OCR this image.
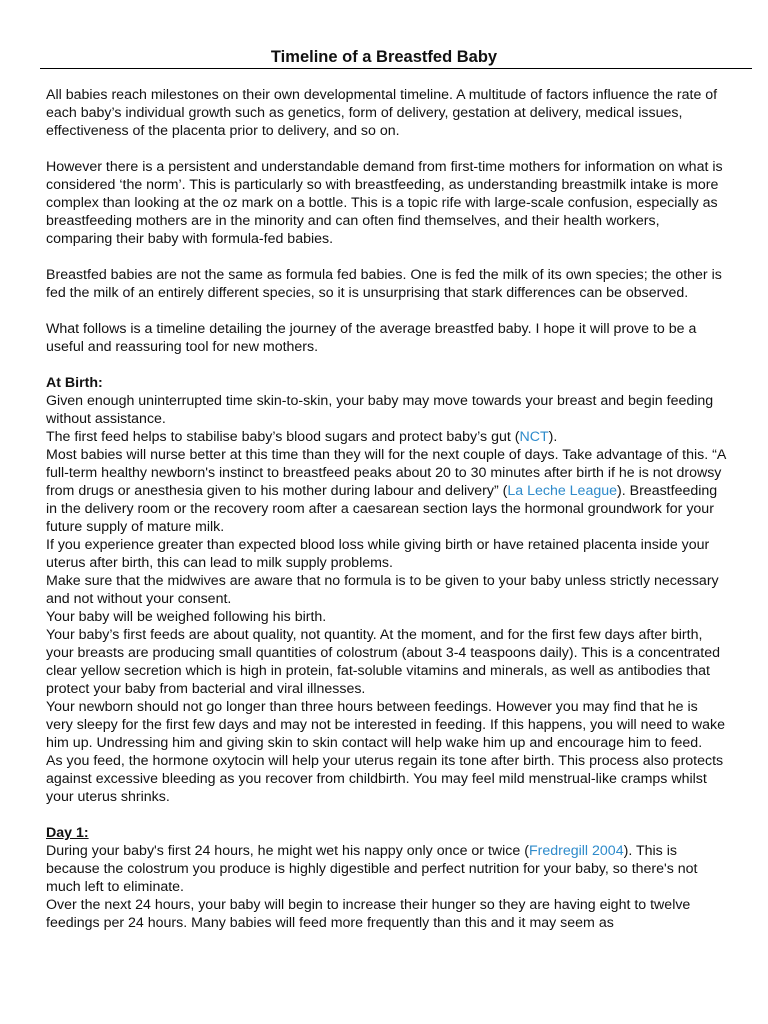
Timeline of a Breastfed Baby

All babies reach milestones on their own developmental timeline. A multitude of factors influence the rate of each baby’s individual growth such as genetics, form of delivery, gestation at delivery, medical issues, effectiveness of the placenta prior to delivery, and so on.

However there is a persistent and understandable demand from first-time mothers for information on what is considered ‘the norm’. This is particularly so with breastfeeding, as understanding breastmilk intake is more complex than looking at the oz mark on a bottle. This is a topic rife with large-scale confusion, especially as breastfeeding mothers are in the minority and can often find themselves, and their health workers, comparing their baby with formula-fed babies.

Breastfed babies are not the same as formula fed babies. One is fed the milk of its own species; the other is fed the milk of an entirely different species, so it is unsurprising that stark differences can be observed.

What follows is a timeline detailing the journey of the average breastfed baby. I hope it will prove to be a useful and reassuring tool for new mothers.

At Birth:

Given enough uninterrupted time skin-to-skin, your baby may move towards your breast and begin feeding without assistance.

The first feed helps to stabilise baby’s blood sugars and protect baby’s gut (NCT).

Most babies will nurse better at this time than they will for the next couple of days. Take advantage of this. “A full-term healthy newborn's instinct to breastfeed peaks about 20 to 30 minutes after birth if he is not drowsy from drugs or anesthesia given to his mother during labour and delivery” (La Leche League). Breastfeeding in the delivery room or the recovery room after a caesarean section lays the hormonal groundwork for your future supply of mature milk.

If you experience greater than expected blood loss while giving birth or have retained placenta inside your uterus after birth, this can lead to milk supply problems.

Make sure that the midwives are aware that no formula is to be given to your baby unless strictly necessary and not without your consent.

Your baby will be weighed following his birth.

Your baby’s first feeds are about quality, not quantity. At the moment, and for the first few days after birth, your breasts are producing small quantities of colostrum (about 3-4 teaspoons daily). This is a concentrated clear yellow secretion which is high in protein, fat-soluble vitamins and minerals, as well as antibodies that protect your baby from bacterial and viral illnesses.

Your newborn should not go longer than three hours between feedings. However you may find that he is very sleepy for the first few days and may not be interested in feeding. If this happens, you will need to wake him up. Undressing him and giving skin to skin contact will help wake him up and encourage him to feed.

As you feed, the hormone oxytocin will help your uterus regain its tone after birth. This process also protects against excessive bleeding as you recover from childbirth. You may feel mild menstrual-like cramps whilst your uterus shrinks.

Day 1:

During your baby's first 24 hours, he might wet his nappy only once or twice (Fredregill 2004). This is because the colostrum you produce is highly digestible and perfect nutrition for your baby, so there's not much left to eliminate.

Over the next 24 hours, your baby will begin to increase their hunger so they are having eight to twelve feedings per 24 hours. Many babies will feed more frequently than this and it may seem as
